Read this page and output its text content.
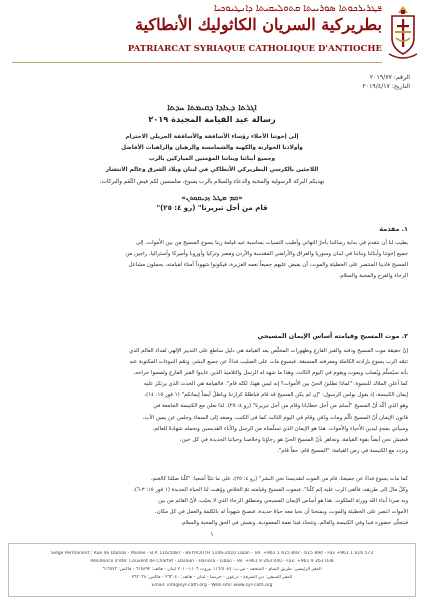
ܦܛܪܝܪܟܘܬܐ ܣܘܪܝܝܬܐ ܩܬܘܠܝܩܝܬܐ ܕܐܢܛܝܘܟܝܐ
بطريركية السريان الكاثوليك الأنطاكية
PATRIARCAT SYRIAQUE CATHOLIQUE D'ANTIOCHE
الرقم: ٢٠١٩/٧٧
التاريخ: ٢٠١٩/٤/١٧
ܐܓܪܬܐ ܕܥܐܕܐ ܕܩܝܡܬܐ ܚܕܬܐ
رسالة عيد القيامة المجيدة ٢٠١٩
إلى إخوتنا الأجلاء رؤساء الأساقفة والأساقفة الجزيلي الاحترام
وأولادنا الخوارنة والكهنة والشمامسة والرهبان والراهبات الأفاضل
وجميع أبنائنا وبناتنا المؤمنين المباركين بالرب
اللاجئين بالكرسي البطريركي الأنطاكي في لبنان وبلاد الشرق وعالم الانتشار
نهديكم البركة الرسولية والمحبة والدعاء والسلام بالرب يسوع، متلمسين لكم فيض النِّعَم والبركات:
«ܩܡ ܡܛܠ ܙܕܝܩܘܬܢ»
قام من أجل تبريرنا" (رو ٤: ٢٥)"
١. مقدمة
يطيب لنا أن نتقدم في بداية رسالتنا بأحرّ التهاني وأطيب التمنيات بمناسبة عيد قيامة ربنا يسوع المسيح من بين الأموات، إلى
جميع إخوتنا وأبنائنا وبناتنا في لبنان وسوريا والعراق والأراضي المقدسة والأردن ومصر وتركيا وأوروبا وأميركا وأستراليا، راجين من
المسيح فادينا المنتصر على الخطيئة والموت، أن يفيض عليهم جميعاً نعمه الغزيرة، فيكونوا شهوداً أمناء لقيامته، يحملون مشاعل
الرجاء والفرح والمحبة والسلام.
٢. موت المسيح وقيامته أساس الإيمان المسيحي
إنّ حقيقة موت المسيح ودفنه والقبر الفارغ وظهورات المخلّص بعد القيامة هي دليل ساطع على التدبير الإلهي لفداء العالم الذي
تتمّه الرب يسوع بإرادته الكاملة ومعرفته المسبقة. فيسوع مات على الصليب فداءً عن جميع البشر، وتمّم النبوءات المكتوبة عنه
بأنه سيُسلَّم ويُصلب ويموت ويقوم في اليوم الثالث، وهذا ما شهد له الرسل والتلاميذ الذين عاينوا القبر الفارغ ولمسوا جراحه،
كما أعلن الملاك للنسوة: "لماذا تطلبنَ الحيّ بين الأموات؟ إنه ليس ههنا، لكنّه قام". فالقيامة هي الحدث الذي يرتكز عليه
إيمان الكنيسة، إذ يقول بولس الرسول: "إن لم يكن المسيح قد قام فباطلةٌ كرازتنا وباطلٌ أيضاً إيمانكم" (١ قور ١٥: ١٤)،
وهو الذي أكّد أنّ المسيح "أُسلم من أجل خطايانا وقام من أجل تبريرنا" (رو ٤: ٢٥). لذا نعلن مع الكنيسة الجامعة في
قانون الإيمان أنّ المسيح تألّم ومات ودُفن وقام في اليوم الثالث كما في الكتب، وصعد إلى السماء وجلس عن يمين الآب،
وسيأتي بمجدٍ ليدين الأحياء والأموات. هذا هو الإيمان الذي تسلّمناه من الرسل والآباء القديسين ونحمله شهادةً للعالم،
فنعيش نحن أيضاً بقوة القيامة، ونجاهر بأنّ المسيح الحيّ هو رجاؤنا وخلاصنا وحياتنا الجديدة في كل حين،
ونردد مع الكنيسة في زمن القيامة: "المسيح قام، حقاً قام".
كما مات يسوع فداءً عن جميعنا، قام من الموت لتقديسنا نحن البشر" (رو ٤: ٢٥)، على ما تنبّأ أشعيا: "كلّنا ضللنا كالغنم،
وكلّ مالَ إلى طريقه، فألقى الرب عليه إثم كلّنا". فبموت المسيح وقيامته تمّ الخلاص ووُهبت لنا الحياة الجديدة (١ قور ١٥: ٣-٦)،
وبه صرنا أبناء الله وورثة الملكوت. هذا هو أساس الإيمان المسيحي ومنطلق الرجاء الذي لا يخيّب، لأنّ القائم من بين
الأموات انتصر على الخطيئة والموت، ويمنحنا أن نحيا معه حياةً جديدة، فنصبح شهوداً له بالكلمة والعمل في كل مكان،
فيتجلّى حضوره فينا وفي الكنيسة والعالم، وتتجدّد فينا نعمة المعمودية، ونعيش في الحق والمحبة والسلام.
١
Siège Permanent : Rue de Damas - Musée - B.P. 116/5087 - BEYROUTH 1106-2010 Liban - Tél. +961 1 615 892 - 615 894 - Fax +961 1 616 573
Résidence d'été: Couvent de Charfet - Daroun - Harissa - Liban - Tél. +961 9 263 040 - Fax: +961 9 263 038
المقر الرئيسي: طريق الشام - المتحف - ص.ب. ١١٦/٥٠٨٧ بيروت ١١٠٦-٢٠١٠ لبنان - هاتف: ٦١٥٨٩٢ - فاكس: ٦١٦٥٧٣
المقر الصيفي: دير الشرفة - درعون - حريصا - لبنان - هاتف: ٢٦٣٠٤٠ - فاكس: ٢٦٣٠٣٨
Email: info@syr-cath.org - Web site: www.syr-cath.org
